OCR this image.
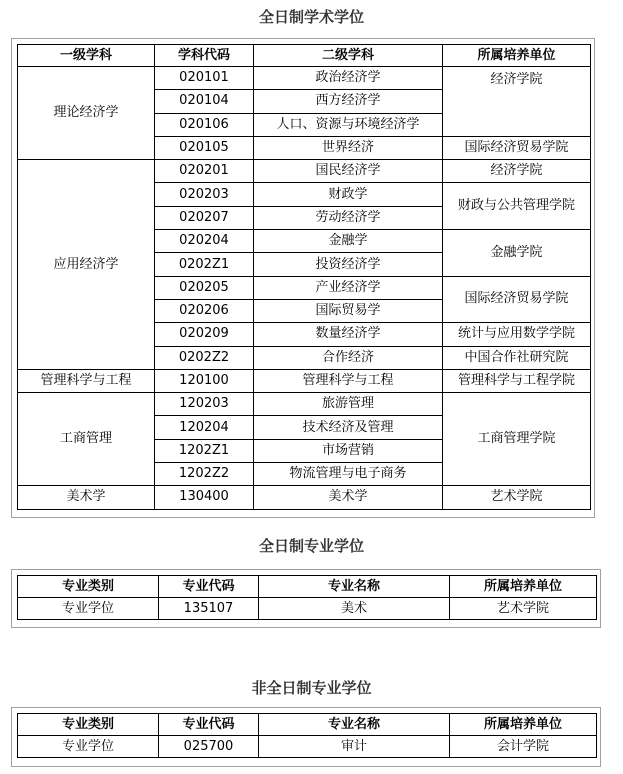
全日制学术学位
一级学科	学科代码	二级学科	所属培养单位
理论经济学	020101	政治经济学	经济学院
	020104	西方经济学	
	020106	人口、资源与环境经济学	
	020105	世界经济	国际经济贸易学院
应用经济学	020201	国民经济学	经济学院
	020203	财政学	财政与公共管理学院
	020207	劳动经济学	
	020204	金融学	金融学院
	0202Z1	投资经济学	
	020205	产业经济学	国际经济贸易学院
	020206	国际贸易学	
	020209	数量经济学	统计与应用数学学院
	0202Z2	合作经济	中国合作社研究院
管理科学与工程	120100	管理科学与工程	管理科学与工程学院
工商管理	120203	旅游管理	工商管理学院
	120204	技术经济及管理	
	1202Z1	市场营销	
	1202Z2	物流管理与电子商务	
美术学	130400	美术学	艺术学院
全日制专业学位
专业类别	专业代码	专业名称	所属培养单位
专业学位	135107	美术	艺术学院
非全日制专业学位
专业类别	专业代码	专业名称	所属培养单位
专业学位	025700	审计	会计学院
